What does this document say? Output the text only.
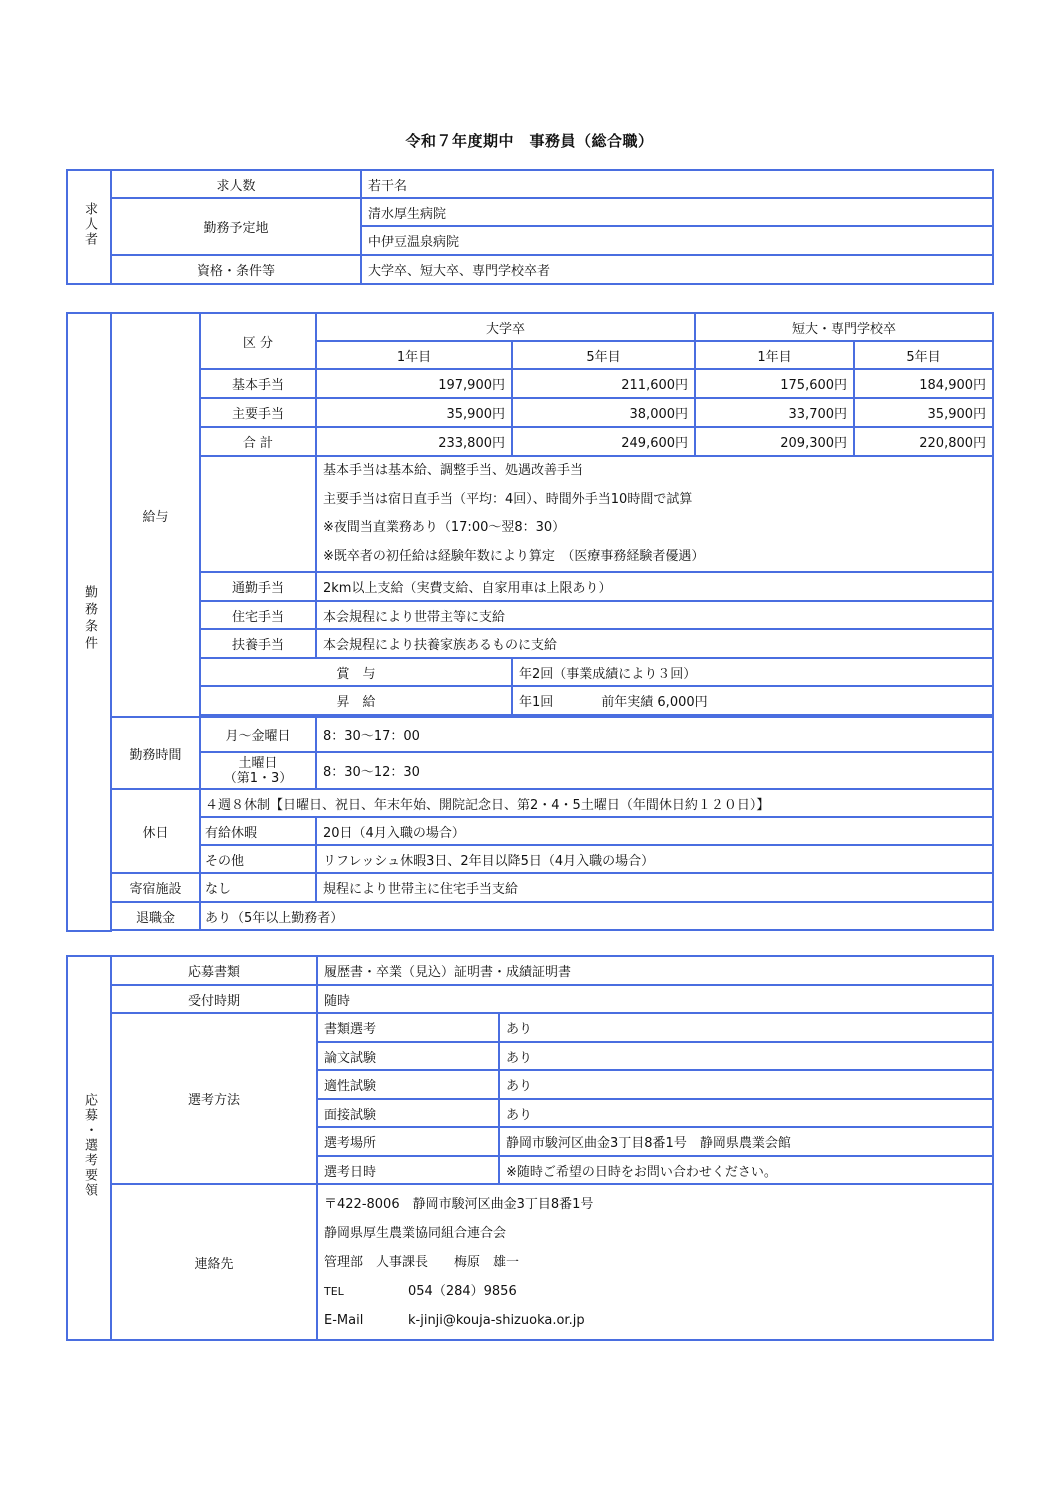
令和７年度期中　事務員（総合職）
求人者	求人数	若干名
	勤務予定地	清水厚生病院
		中伊豆温泉病院
	資格・条件等	大学卒、短大卒、専門学校卒者
勤務条件	給与	区 分	大学卒		短大・専門学校卒	
			1年目	5年目	1年目	5年目
		基本手当	197,900円	211,600円	175,600円	184,900円
		主要手当	35,900円	38,000円	33,700円	35,900円
		合 計	233,800円	249,600円	209,300円	220,800円

			基本手当は基本給、調整手当、処遇改善手当
主要手当は宿日直手当（平均：4回）、時間外手当10時間で試算
※夜間当直業務あり（17:00～翌8：30）
※既卒者の初任給は経験年数により算定　（医療事務経験者優遇）			

		通勤手当	2km以上支給（実費支給、自家用車は上限あり）			
		住宅手当	本会規程により世帯主等に支給			
		扶養手当	本会規程により扶養家族あるものに支給			
		賞　与		年2回（事業成績により３回）		
		昇　給		年1回 前年実績 6,000円		

	勤務時間	月～金曜日	8：30～17：00			

		土曜日
（第1・3）	8：30～12：30			
	休日	４週８休制【日曜日、祝日、年末年始、開院記念日、第2・4・5土曜日（年間休日約１２０日）】				
		有給休暇	20日（4月入職の場合）			
		その他	リフレッシュ休暇3日、2年目以降5日（4月入職の場合）			
	寄宿施設	なし	規程により世帯主に住宅手当支給			
	退職金	あり（5年以上勤務者）				

応募・選考要領	応募書類	履歴書・卒業（見込）証明書・成績証明書	
	受付時期	随時	
	選考方法	書類選考	あり
		論文試験	あり
		適性試験	あり
		面接試験	あり
		選考場所	静岡市駿河区曲金3丁目8番1号　静岡県農業会館
		選考日時	※随時ご希望の日時をお問い合わせください。
	連絡先	〒422-8006　静岡市駿河区曲金3丁目8番1号
静岡県厚生農業協同組合連合会
管理部　人事課長　　梅原　雄一
TEL 054（284）9856
E-Mail k-jinji@kouja-shizuoka.or.jp	
